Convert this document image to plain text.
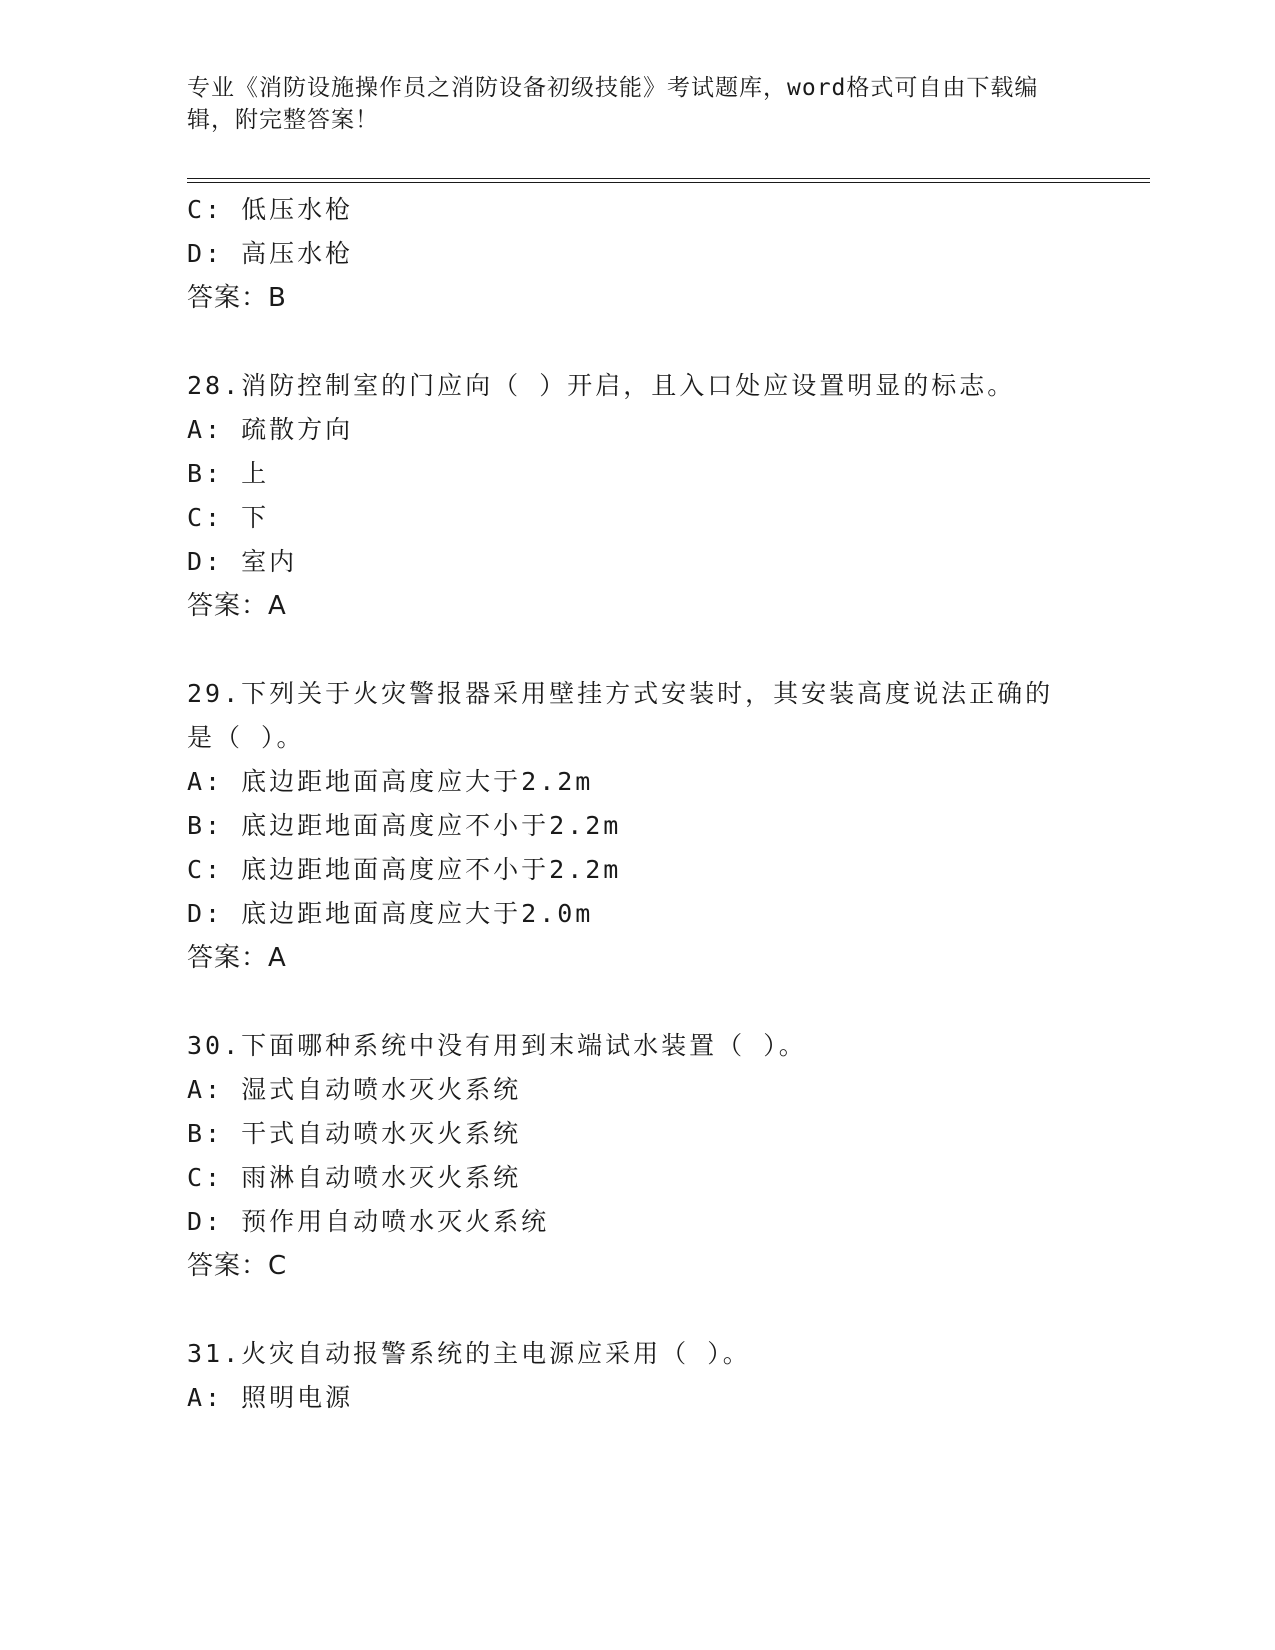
专业《消防设施操作员之消防设备初级技能》考试题库，word格式可自由下载编
辑，附完整答案！
C: 低压水枪
D: 高压水枪
答案：B
28.消防控制室的门应向（ ）开启，且入口处应设置明显的标志。
A: 疏散方向
B: 上
C: 下
D: 室内
答案：A
29.下列关于火灾警报器采用壁挂方式安装时，其安装高度说法正确的
是（ ）。
A: 底边距地面高度应大于2.2m
B: 底边距地面高度应不小于2.2m
C: 底边距地面高度应不小于2.2m
D: 底边距地面高度应大于2.0m
答案：A
30.下面哪种系统中没有用到末端试水装置（ ）。
A: 湿式自动喷水灭火系统
B: 干式自动喷水灭火系统
C: 雨淋自动喷水灭火系统
D: 预作用自动喷水灭火系统
答案：C
31.火灾自动报警系统的主电源应采用（ ）。
A: 照明电源
